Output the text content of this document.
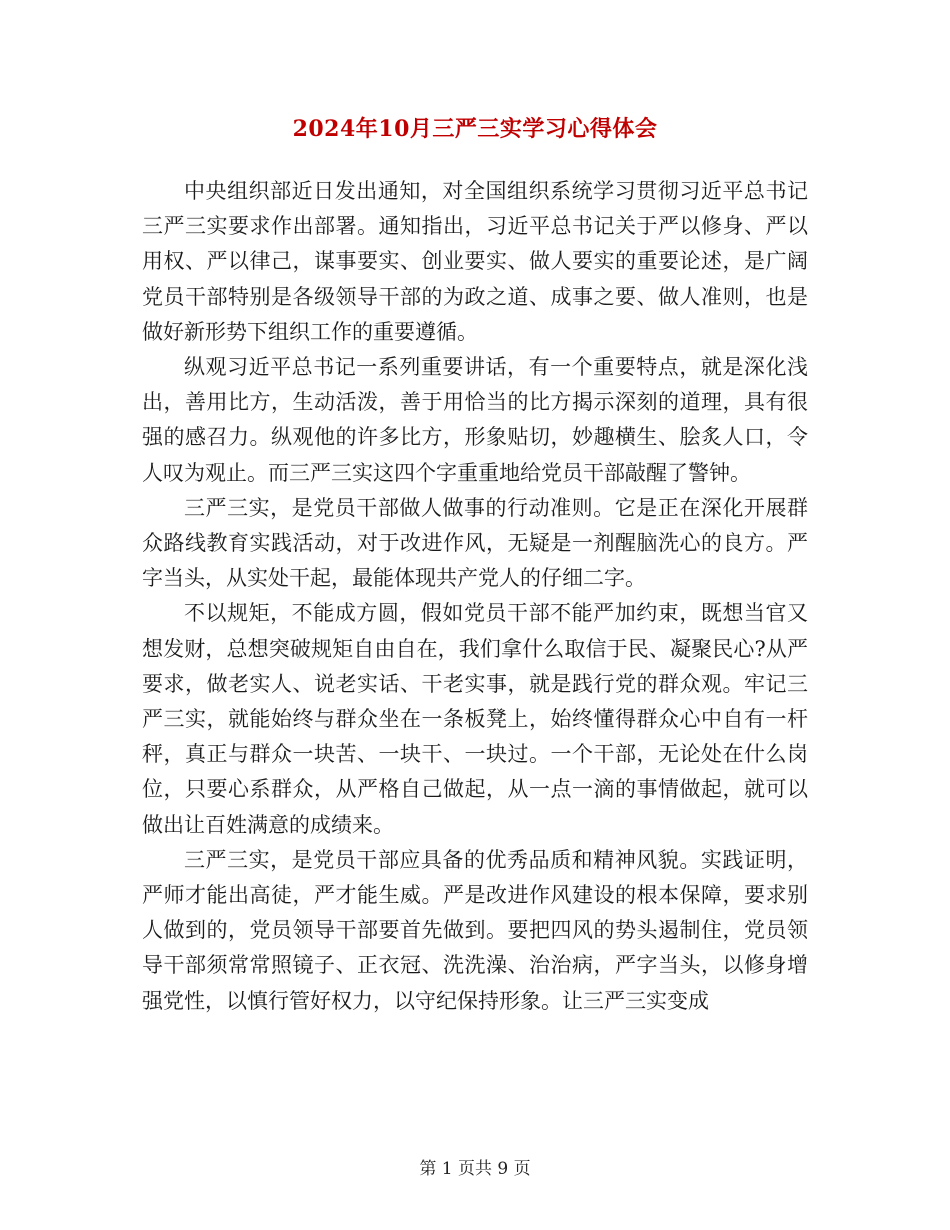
2024年10月三严三实学习心得体会

中央组织部近日发出通知，对全国组织系统学习贯彻习近平总书记三严三实要求作出部署。通知指出，习近平总书记关于严以修身、严以用权、严以律己，谋事要实、创业要实、做人要实的重要论述，是广阔党员干部特别是各级领导干部的为政之道、成事之要、做人准则，也是做好新形势下组织工作的重要遵循。

纵观习近平总书记一系列重要讲话，有一个重要特点，就是深化浅出，善用比方，生动活泼，善于用恰当的比方揭示深刻的道理，具有很强的感召力。纵观他的许多比方，形象贴切，妙趣横生、脍炙人口，令人叹为观止。而三严三实这四个字重重地给党员干部敲醒了警钟。

三严三实，是党员干部做人做事的行动准则。它是正在深化开展群众路线教育实践活动，对于改进作风，无疑是一剂醒脑洗心的良方。严字当头，从实处干起，最能体现共产党人的仔细二字。

不以规矩，不能成方圆，假如党员干部不能严加约束，既想当官又想发财，总想突破规矩自由自在，我们拿什么取信于民、凝聚民心?从严要求，做老实人、说老实话、干老实事，就是践行党的群众观。牢记三严三实，就能始终与群众坐在一条板凳上，始终懂得群众心中自有一杆秤，真正与群众一块苦、一块干、一块过。一个干部，无论处在什么岗位，只要心系群众，从严格自己做起，从一点一滴的事情做起，就可以做出让百姓满意的成绩来。

三严三实，是党员干部应具备的优秀品质和精神风貌。实践证明，严师才能出高徒，严才能生威。严是改进作风建设的根本保障，要求别人做到的，党员领导干部要首先做到。要把四风的势头遏制住，党员领导干部须常常照镜子、正衣冠、洗洗澡、治治病，严字当头，以修身增强党性，以慎行管好权力，以守纪保持形象。让三严三实变成

第 1 页共 9 页
